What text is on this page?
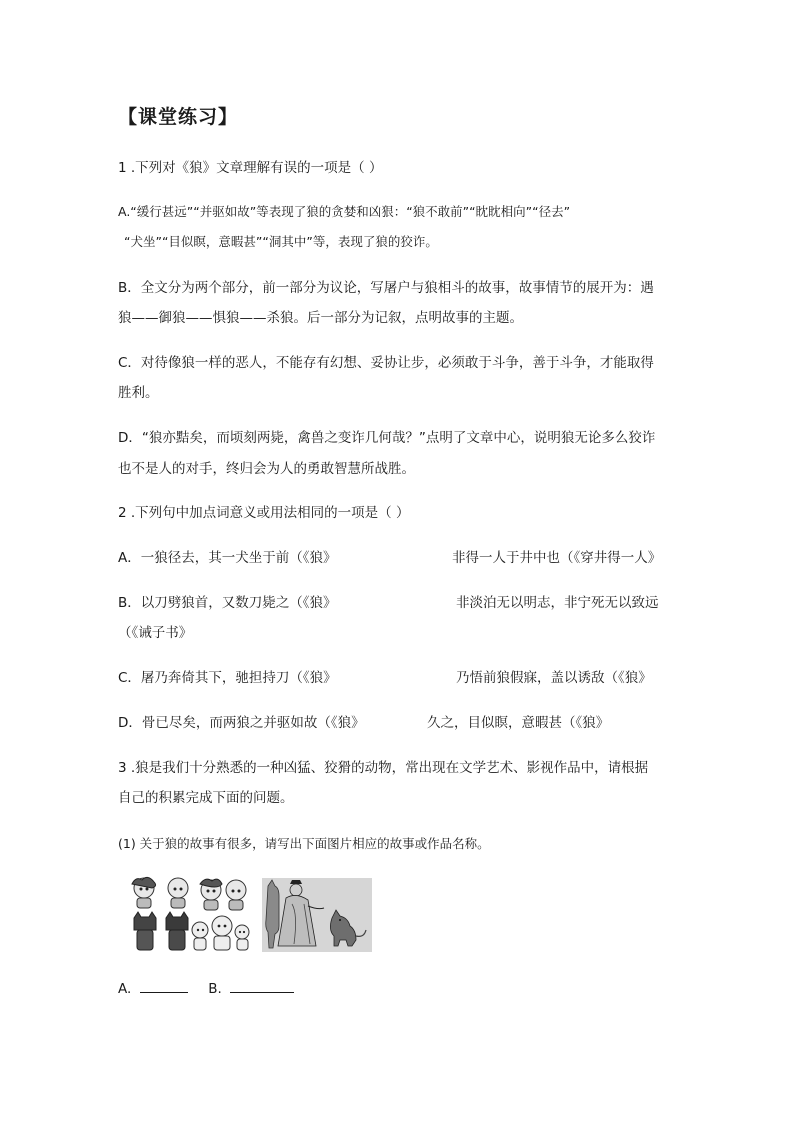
【课堂练习】
1 .下列对《狼》文章理解有误的一项是（ ）
A.“缓行甚远”“并驱如故”等表现了狼的贪婪和凶狠：“狼不敢前”“眈眈相向”“径去”
“犬坐”“目似瞑，意暇甚”“洞其中”等，表现了狼的狡诈。
B．全文分为两个部分，前一部分为议论，写屠户与狼相斗的故事，故事情节的展开为：遇
狼——御狼——惧狼——杀狼。后一部分为记叙，点明故事的主题。
C．对待像狼一样的恶人，不能存有幻想、妥协让步，必须敢于斗争，善于斗争，才能取得
胜利。
D．“狼亦黠矣，而顷刻两毙，禽兽之变诈几何哉？”点明了文章中心，说明狼无论多么狡诈
也不是人的对手，终归会为人的勇敢智慧所战胜。
2 .下列句中加点词意义或用法相同的一项是（ ）
A．一狼径去，其一犬坐于前（《狼》	非得一人于井中也（《穿井得一人》
B．以刀劈狼首，又数刀毙之（《狼》	非淡泊无以明志，非宁死无以致远
（《诫子书》
C．屠乃奔倚其下，驰担持刀（《狼》	乃悟前狼假寐，盖以诱敌（《狼》
D．骨已尽矣，而两狼之并驱如故（《狼》	久之，目似瞑，意暇甚（《狼》
3 .狼是我们十分熟悉的一种凶猛、狡猾的动物，常出现在文学艺术、影视作品中，请根据
自己的积累完成下面的问题。
(1) 关于狼的故事有很多，请写出下面图片相应的故事或作品名称。
A.	B.
